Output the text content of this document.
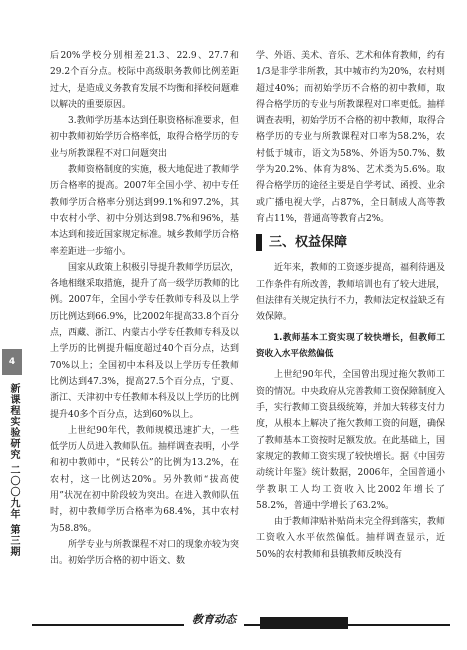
后20%学校分别相差21.3、22.9、27.7和29.2个百分点。校际中高级职务教师比例差距过大，是造成义务教育发展不均衡和择校问题难以解决的重要原因。

3.教师学历基本达到任职资格标准要求，但初中教师初始学历合格率低，取得合格学历的专业与所教课程不对口问题突出

教师资格制度的实施，极大地促进了教师学历合格率的提高。2007年全国小学、初中专任教师学历合格率分别达到99.1%和97.2%，其中农村小学、初中分别达到98.7%和96%，基本达到和接近国家规定标准。城乡教师学历合格率差距进一步缩小。

国家从政策上积极引导提升教师学历层次，各地相继采取措施，提升了高一级学历教师的比例。2007年，全国小学专任教师专科及以上学历比例达到66.9%，比2002年提高33.8个百分点，西藏、浙江、内蒙古小学专任教师专科及以上学历的比例提升幅度超过40个百分点，达到70%以上；全国初中本科及以上学历专任教师比例达到47.3%，提高27.5个百分点，宁夏、浙江、天津初中专任教师本科及以上学历的比例提升40多个百分点，达到60%以上。

上世纪90年代，教师规模迅速扩大，一些低学历人员进入教师队伍。抽样调查表明，小学和初中教师中，“民转公”的比例为13.2%，在农村，这一比例达20%。另外教师“拔高使用”状况在初中阶段较为突出。在进入教师队伍时，初中教师学历合格率为68.4%，其中农村为58.8%。

所学专业与所教课程不对口的现象亦较为突出。初始学历合格的初中语文、数

学、外语、美术、音乐、艺术和体育教师，约有1/3是非学非所教，其中城市约为20%，农村则超过40%；而初始学历不合格的初中教师，取得合格学历的专业与所教课程对口率更低。抽样调查表明，初始学历不合格的初中教师，取得合格学历的专业与所教课程对口率为58.2%，农村低于城市，语文为58%、外语为50.7%、数学为20.2%、体育为8%、艺术类为5.6%。取得合格学历的途径主要是自学考试、函授、业余或广播电视大学，占87%，全日制成人高等教育占11%，普通高等教育占2%。

三、权益保障

近年来，教师的工资逐步提高，福利待遇及工作条件有所改善，教师培训也有了较大进展，但法律有关规定执行不力，教师法定权益缺乏有效保障。

1.教师基本工资实现了较快增长，但教师工资收入水平依然偏低

上世纪90年代，全国曾出现过拖欠教师工资的情况。中央政府从完善教师工资保障制度入手，实行教师工资县级统筹，并加大转移支付力度，从根本上解决了拖欠教师工资的问题，确保了教师基本工资按时足额发放。在此基础上，国家规定的教师工资实现了较快增长。据《中国劳动统计年鉴》统计数据，2006年，全国普通小学教职工人均工资收入比2002年增长了58.2%，普通中学增长了63.2%。

由于教师津贴补贴尚未完全得到落实，教师工资收入水平依然偏低。抽样调查显示，近50%的农村教师和县镇教师反映没有

4
新课程实验研究 二〇〇九年 第三期
教育动态
